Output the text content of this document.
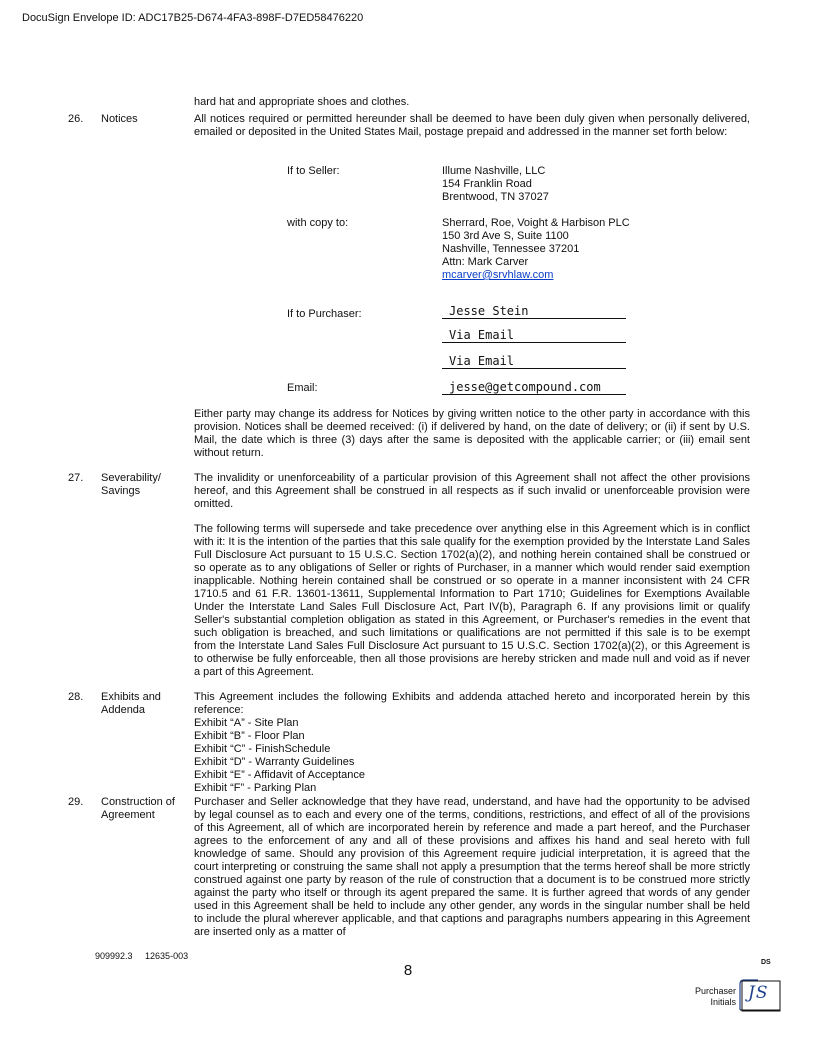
DocuSign Envelope ID: ADC17B25-D674-4FA3-898F-D7ED58476220
hard hat and appropriate shoes and clothes.
26. Notices	All notices required or permitted hereunder shall be deemed to have been duly given when personally delivered, emailed or deposited in the United States Mail, postage prepaid and addressed in the manner set forth below:

If to Seller:	Illume Nashville, LLC
154 Franklin Road
Brentwood, TN 37027
with copy to:	Sherrard, Roe, Voight & Harbison PLC
150 3rd Ave S, Suite 1100
Nashville, Tennessee 37201
Attn: Mark Carver
mcarver@srvhlaw.com
If to Purchaser:	Jesse Stein
Via Email
Via Email
Email:	jesse@getcompound.com

Either party may change its address for Notices by giving written notice to the other party in accordance with this provision. Notices shall be deemed received: (i) if delivered by hand, on the date of delivery; or (ii) if sent by U.S. Mail, the date which is three (3) days after the same is deposited with the applicable carrier; or (iii) email sent without return.

27. Severability/
Savings

The invalidity or unenforceability of a particular provision of this Agreement shall not affect the other provisions hereof, and this Agreement shall be construed in all respects as if such invalid or unenforceable provision were omitted.

The following terms will supersede and take precedence over anything else in this Agreement which is in conflict with it: It is the intention of the parties that this sale qualify for the exemption provided by the Interstate Land Sales Full Disclosure Act pursuant to 15 U.S.C. Section 1702(a)(2), and nothing herein contained shall be construed or so operate as to any obligations of Seller or rights of Purchaser, in a manner which would render said exemption inapplicable. Nothing herein contained shall be construed or so operate in a manner inconsistent with 24 CFR 1710.5 and 61 F.R. 13601-13611, Supplemental Information to Part 1710; Guidelines for Exemptions Available Under the Interstate Land Sales Full Disclosure Act, Part IV(b), Paragraph 6. If any provisions limit or qualify Seller's substantial completion obligation as stated in this Agreement, or Purchaser's remedies in the event that such obligation is breached, and such limitations or qualifications are not permitted if this sale is to be exempt from the Interstate Land Sales Full Disclosure Act pursuant to 15 U.S.C. Section 1702(a)(2), or this Agreement is to otherwise be fully enforceable, then all those provisions are hereby stricken and made null and void as if never a part of this Agreement.

28. Exhibits and
Addenda

This Agreement includes the following Exhibits and addenda attached hereto and incorporated herein by this reference:

Exhibit “A” - Site Plan
Exhibit “B” - Floor Plan
Exhibit “C” - FinishSchedule
Exhibit “D” - Warranty Guidelines
Exhibit “E” - Affidavit of Acceptance
Exhibit “F” - Parking Plan
29. Construction of
Agreement

Purchaser and Seller acknowledge that they have read, understand, and have had the opportunity to be advised by legal counsel as to each and every one of the terms, conditions, restrictions, and effect of all of the provisions of this Agreement, all of which are incorporated herein by reference and made a part hereof, and the Purchaser agrees to the enforcement of any and all of these provisions and affixes his hand and seal hereto with full knowledge of same. Should any provision of this Agreement require judicial interpretation, it is agreed that the court interpreting or construing the same shall not apply a presumption that the terms hereof shall be more strictly construed against one party by reason of the rule of construction that a document is to be construed more strictly against the party who itself or through its agent prepared the same. It is further agreed that words of any gender used in this Agreement shall be held to include any other gender, any words in the singular number shall be held to include the plural wherever applicable, and that captions and paragraphs numbers appearing in this Agreement are inserted only as a matter of

909992.3     12635-003
8
Purchaser
Initials
DS
JS
